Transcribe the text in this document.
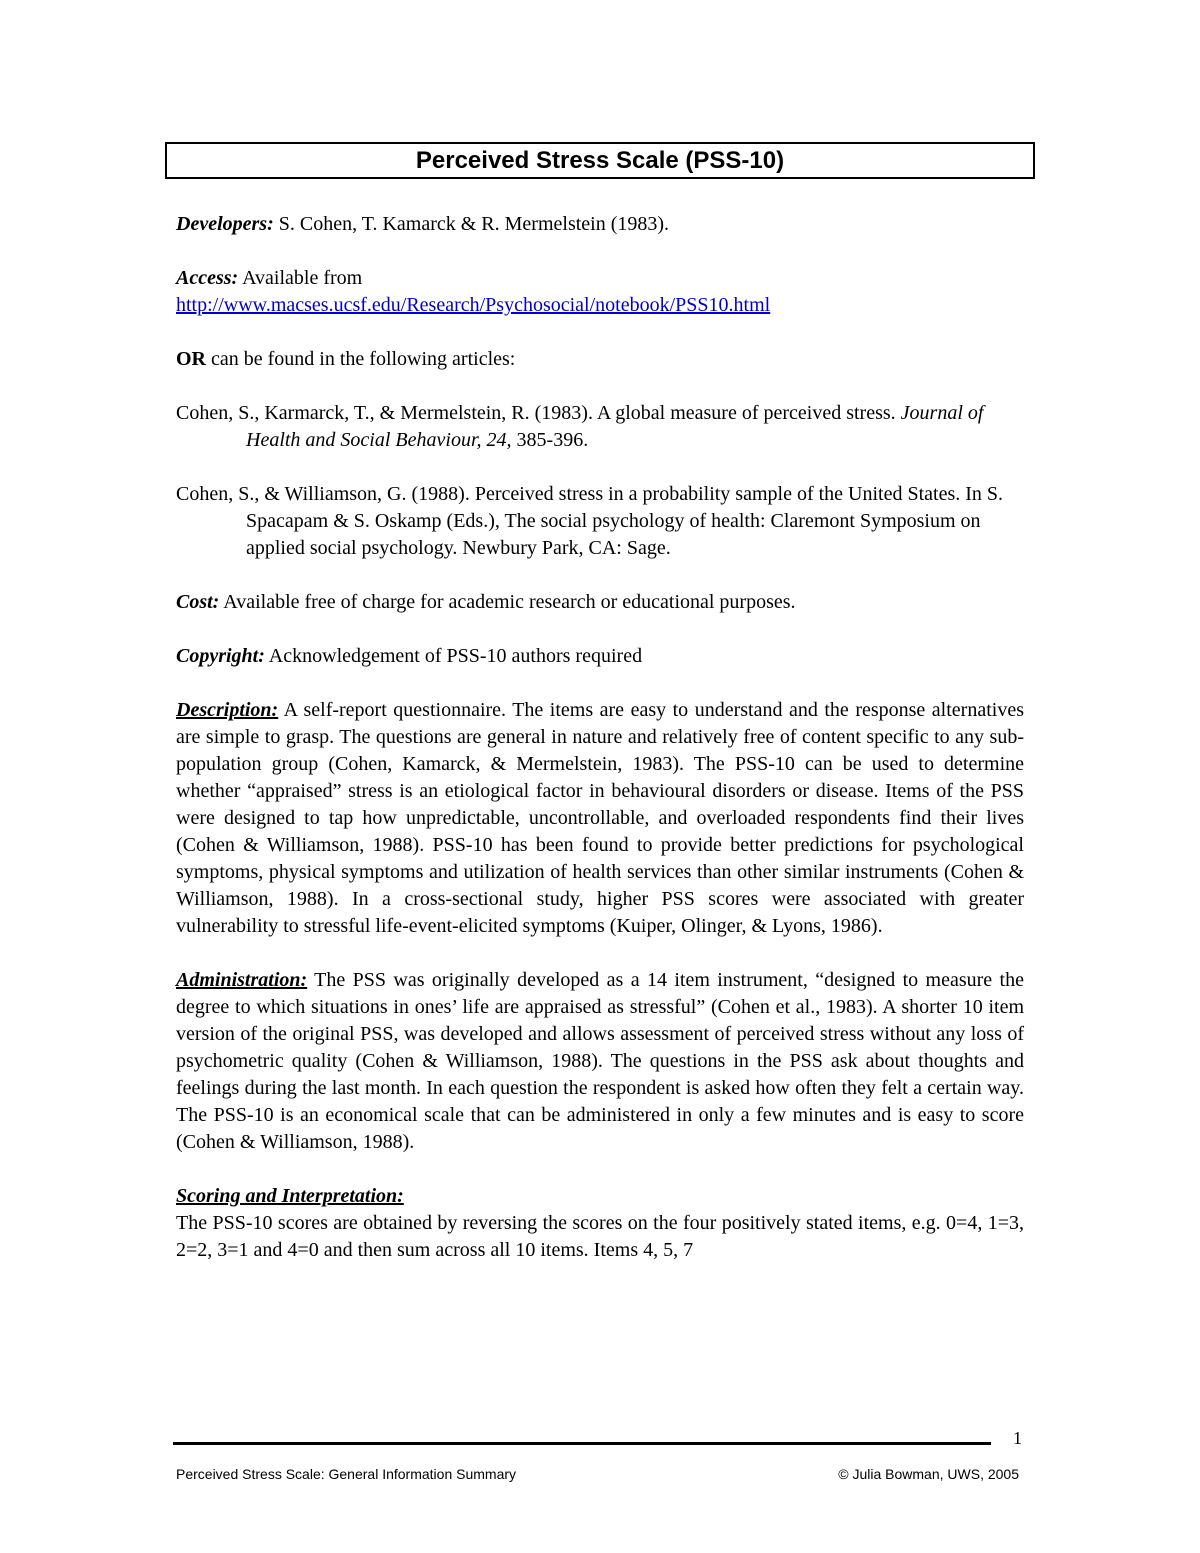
Perceived Stress Scale (PSS-10)

Developers: S. Cohen, T. Kamarck & R. Mermelstein (1983).

Access: Available from
http://www.macses.ucsf.edu/Research/Psychosocial/notebook/PSS10.html

OR can be found in the following articles:

Cohen, S., Karmarck, T., & Mermelstein, R. (1983). A global measure of perceived stress. Journal of Health and Social Behaviour, 24, 385-396.

Cohen, S., & Williamson, G. (1988). Perceived stress in a probability sample of the United States. In S. Spacapam & S. Oskamp (Eds.), The social psychology of health: Claremont Symposium on applied social psychology. Newbury Park, CA: Sage.

Cost: Available free of charge for academic research or educational purposes.

Copyright: Acknowledgement of PSS-10 authors required

Description: A self-report questionnaire. The items are easy to understand and the response alternatives are simple to grasp. The questions are general in nature and relatively free of content specific to any sub-population group (Cohen, Kamarck, & Mermelstein, 1983). The PSS-10 can be used to determine whether “appraised” stress is an etiological factor in behavioural disorders or disease. Items of the PSS were designed to tap how unpredictable, uncontrollable, and overloaded respondents find their lives (Cohen & Williamson, 1988). PSS-10 has been found to provide better predictions for psychological symptoms, physical symptoms and utilization of health services than other similar instruments (Cohen & Williamson, 1988). In a cross-sectional study, higher PSS scores were associated with greater vulnerability to stressful life-event-elicited symptoms (Kuiper, Olinger, & Lyons, 1986).

Administration: The PSS was originally developed as a 14 item instrument, “designed to measure the degree to which situations in ones’ life are appraised as stressful” (Cohen et al., 1983). A shorter 10 item version of the original PSS, was developed and allows assessment of perceived stress without any loss of psychometric quality (Cohen & Williamson, 1988). The questions in the PSS ask about thoughts and feelings during the last month. In each question the respondent is asked how often they felt a certain way. The PSS-10 is an economical scale that can be administered in only a few minutes and is easy to score (Cohen & Williamson, 1988).

Scoring and Interpretation:

The PSS-10 scores are obtained by reversing the scores on the four positively stated items, e.g. 0=4, 1=3, 2=2, 3=1 and 4=0 and then sum across all 10 items. Items 4, 5, 7

1
Perceived Stress Scale: General Information Summary	© Julia Bowman, UWS, 2005
